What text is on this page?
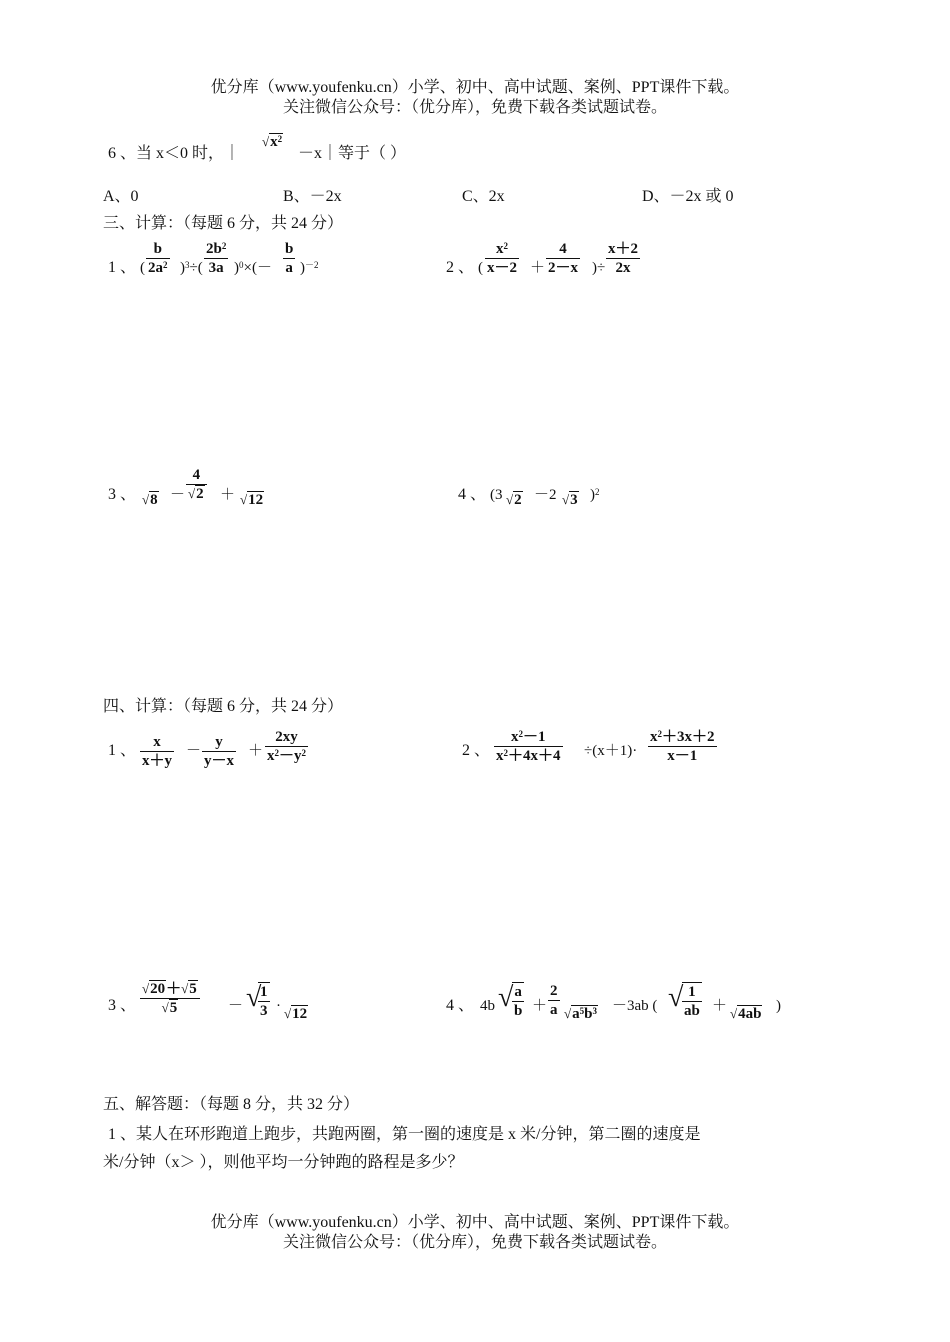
优分库（www.youfenku.cn）小学、初中、高中试题、案例、PPT课件下载。
关注微信公众号：（优分库），免费下载各类试题试卷。
6 、当 x＜0 时，｜
$√x^2$
－x｜等于（ ）
A、0	B、－2x	C、2x	D、－2x 或 0
三、计算：（每题 6 分，共 24 分）
1 、 ( $\frac{b}{2a^2} )^3\div( \frac{2b^2}{3a} )^0\times(- \frac{b}{a} )^{-2}$	2 、 ( $\frac{x^2}{x-2} + \frac{4}{2-x}$ )÷ $\frac{x+2}{2x}$
3 、 $√8 - \frac{4}{√2} + √12$	4 、 (3 √2 －2 √3 )$^2$
四、计算：（每题 6 分，共 24 分）
1 、 $\frac{x}{x+y} - \frac{y}{y-x} + \frac{2xy}{x^2-y^2}$	2 、 $\frac{x^2-1}{x^2+4x+4} \div(x+1)\cdot \frac{x^2+3x+2}{x-1}$
3 、 $\frac{√20+√5}{√5}$ － √
$\frac{1}{3} \cdot √12$	4 、 4b √
$\frac{a}{b} + \frac{2}{a} √a^5b^3 -3ab$ ( √
$\frac{1}{ab} + √4ab$ )
五、解答题：（每题 8 分，共 32 分）
1 、某人在环形跑道上跑步，共跑两圈，第一圈的速度是 x 米/分钟，第二圈的速度是
米/分钟（x＞ ），则他平均一分钟跑的路程是多少？
优分库（www.youfenku.cn）小学、初中、高中试题、案例、PPT课件下载。
关注微信公众号：（优分库），免费下载各类试题试卷。
